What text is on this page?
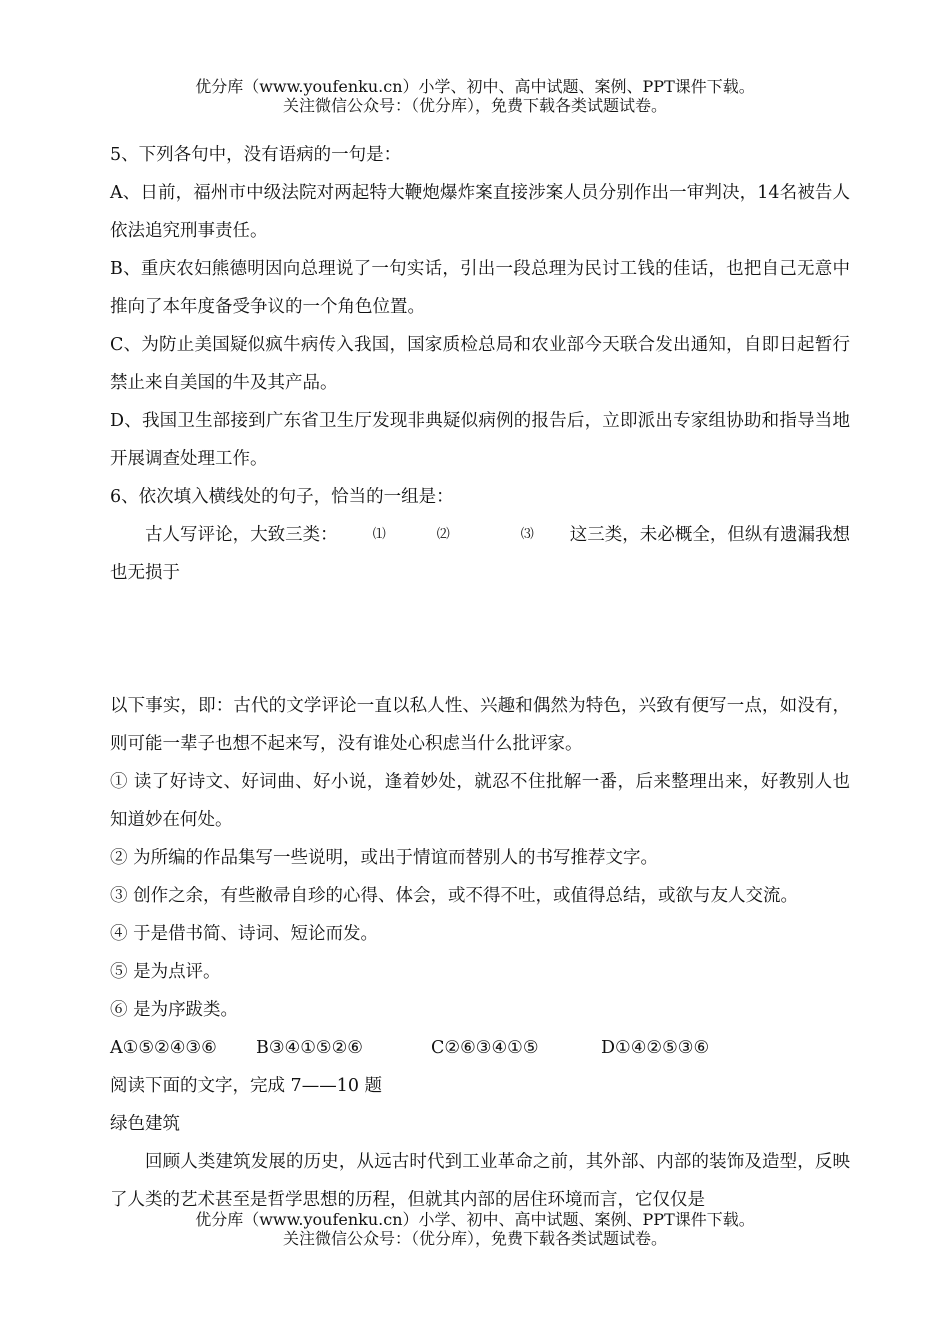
优分库（www.youfenku.cn）小学、初中、高中试题、案例、PPT课件下载。
关注微信公众号：（优分库），免费下载各类试题试卷。

5、下列各句中，没有语病的一句是：

A、日前，福州市中级法院对两起特大鞭炮爆炸案直接涉案人员分别作出一审判决，14名被告人依法追究刑事责任。

B、重庆农妇熊德明因向总理说了一句实话，引出一段总理为民讨工钱的佳话，也把自己无意中推向了本年度备受争议的一个角色位置。

C、为防止美国疑似疯牛病传入我国，国家质检总局和农业部今天联合发出通知，自即日起暂行禁止来自美国的牛及其产品。

D、我国卫生部接到广东省卫生厅发现非典疑似病例的报告后，立即派出专家组协助和指导当地开展调查处理工作。

6、依次填入横线处的句子，恰当的一组是：

古人写评论，大致三类：	⑴	⑵	⑶ 这三类，未必概全，但纵有遗漏我想也无损于

以下事实，即：古代的文学评论一直以私人性、兴趣和偶然为特色，兴致有便写一点，如没有，则可能一辈子也想不起来写，没有谁处心积虑当什么批评家。

① 读了好诗文、好词曲、好小说，逢着妙处，就忍不住批解一番，后来整理出来，好教别人也知道妙在何处。

② 为所编的作品集写一些说明，或出于情谊而替别人的书写推荐文字。

③ 创作之余，有些敝帚自珍的心得、体会，或不得不吐，或值得总结，或欲与友人交流。

④ 于是借书简、诗词、短论而发。

⑤ 是为点评。

⑥ 是为序跋类。

A①⑤②④③⑥ B③④①⑤②⑥	C②⑥③④①⑤	D①④②⑤③⑥

阅读下面的文字，完成 7——10 题

绿色建筑

回顾人类建筑发展的历史，从远古时代到工业革命之前，其外部、内部的装饰及造型，反映了人类的艺术甚至是哲学思想的历程，但就其内部的居住环境而言，它仅仅是

优分库（www.youfenku.cn）小学、初中、高中试题、案例、PPT课件下载。
关注微信公众号：（优分库），免费下载各类试题试卷。
